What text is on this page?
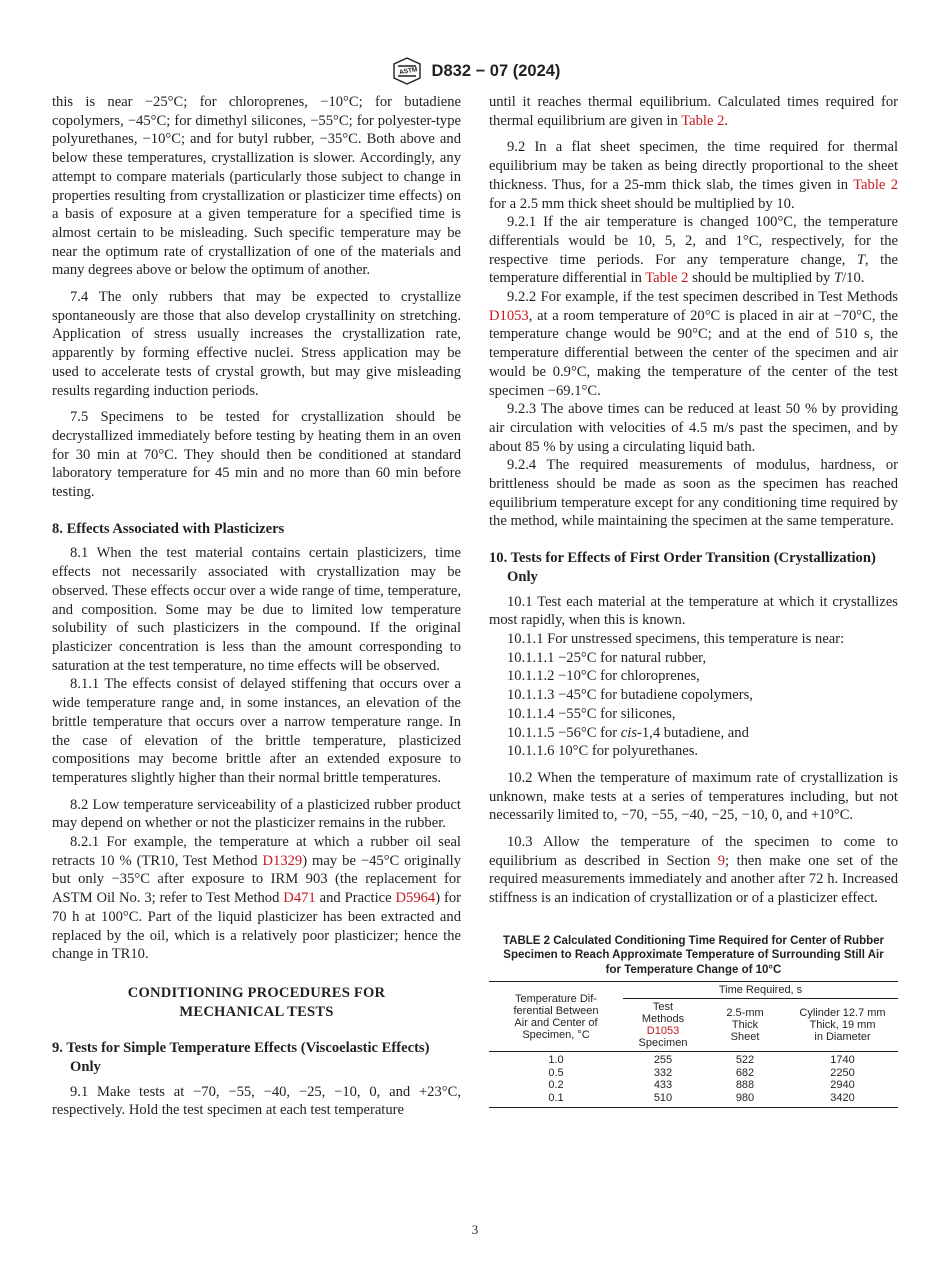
ASTM D832 − 07 (2024)

this is near −25°C; for chloroprenes, −10°C; for butadiene copolymers, −45°C; for dimethyl silicones, −55°C; for polyester-type polyurethanes, −10°C; and for butyl rubber, −35°C. Both above and below these temperatures, crystallization is slower. Accordingly, any attempt to compare materials (particularly those subject to change in properties resulting from crystallization or plasticizer time effects) on a basis of exposure at a given temperature for a specified time is almost certain to be misleading. Such specific temperature may be near the optimum rate of crystallization of one of the materials and many degrees above or below the optimum of another.

7.4 The only rubbers that may be expected to crystallize spontaneously are those that also develop crystallinity on stretching. Application of stress usually increases the crystallization rate, apparently by forming effective nuclei. Stress application may be used to accelerate tests of crystal growth, but may give misleading results regarding induction periods.

7.5 Specimens to be tested for crystallization should be decrystallized immediately before testing by heating them in an oven for 30 min at 70°C. They should then be conditioned at standard laboratory temperature for 45 min and no more than 60 min before testing.

8. Effects Associated with Plasticizers

8.1 When the test material contains certain plasticizers, time effects not necessarily associated with crystallization may be observed. These effects occur over a wide range of time, temperature, and composition. Some may be due to limited low temperature solubility of such plasticizers in the compound. If the original plasticizer concentration is less than the amount corresponding to saturation at the test temperature, no time effects will be observed.

8.1.1 The effects consist of delayed stiffening that occurs over a wide temperature range and, in some instances, an elevation of the brittle temperature that occurs over a narrow temperature range. In the case of elevation of the brittle temperature, plasticized compositions may become brittle after an extended exposure to temperatures slightly higher than their normal brittle temperatures.

8.2 Low temperature serviceability of a plasticized rubber product may depend on whether or not the plasticizer remains in the rubber.

8.2.1 For example, the temperature at which a rubber oil seal retracts 10 % (TR10, Test Method D1329) may be −45°C originally but only −35°C after exposure to IRM 903 (the replacement for ASTM Oil No. 3; refer to Test Method D471 and Practice D5964) for 70 h at 100°C. Part of the liquid plasticizer has been extracted and replaced by the oil, which is a relatively poor plasticizer; hence the change in TR10.

CONDITIONING PROCEDURES FOR
MECHANICAL TESTS
9. Tests for Simple Temperature Effects (Viscoelastic Effects) Only

9.1 Make tests at −70, −55, −40, −25, −10, 0, and +23°C, respectively. Hold the test specimen at each test temperature

until it reaches thermal equilibrium. Calculated times required for thermal equilibrium are given in Table 2.

9.2 In a flat sheet specimen, the time required for thermal equilibrium may be taken as being directly proportional to the sheet thickness. Thus, for a 25-mm thick slab, the times given in Table 2 for a 2.5 mm thick sheet should be multiplied by 10.

9.2.1 If the air temperature is changed 100°C, the temperature differentials would be 10, 5, 2, and 1°C, respectively, for the respective time periods. For any temperature change, T, the temperature differential in Table 2 should be multiplied by T/10.

9.2.2 For example, if the test specimen described in Test Methods D1053, at a room temperature of 20°C is placed in air at −70°C, the temperature change would be 90°C; and at the end of 510 s, the temperature differential between the center of the specimen and air would be 0.9°C, making the temperature of the center of the test specimen −69.1°C.

9.2.3 The above times can be reduced at least 50 % by providing air circulation with velocities of 4.5 m/s past the specimen, and by about 85 % by using a circulating liquid bath.

9.2.4 The required measurements of modulus, hardness, or brittleness should be made as soon as the specimen has reached equilibrium temperature except for any conditioning time required by the method, while maintaining the specimen at the same temperature.

10. Tests for Effects of First Order Transition (Crystallization) Only

10.1 Test each material at the temperature at which it crystallizes most rapidly, when this is known.

10.1.1 For unstressed specimens, this temperature is near:

10.1.1.1 −25°C for natural rubber,

10.1.1.2 −10°C for chloroprenes,

10.1.1.3 −45°C for butadiene copolymers,

10.1.1.4 −55°C for silicones,

10.1.1.5 −56°C for cis-1,4 butadiene, and

10.1.1.6 10°C for polyurethanes.

10.2 When the temperature of maximum rate of crystallization is unknown, make tests at a series of temperatures including, but not necessarily limited to, −70, −55, −40, −25, −10, 0, and +10°C.

10.3 Allow the temperature of the specimen to come to equilibrium as described in Section 9; then make one set of the required measurements immediately and another after 72 h. Increased stiffness is an indication of crystallization or of a plasticizer effect.

TABLE 2 Calculated Conditioning Time Required for Center of Rubber Specimen to Reach Approximate Temperature of Surrounding Still Air for Temperature Change of 10°C
Temperature Dif-
ferential Between
Air and Center of
Specimen, °C	Time Required, s		
	Test
Methods
D1053
Specimen	2.5-mm
Thick
Sheet	Cylinder 12.7 mm
Thick, 19 mm
in Diameter
1.0	255	522	1740
0.5	332	682	2250
0.2	433	888	2940
0.1	510	980	3420
3
